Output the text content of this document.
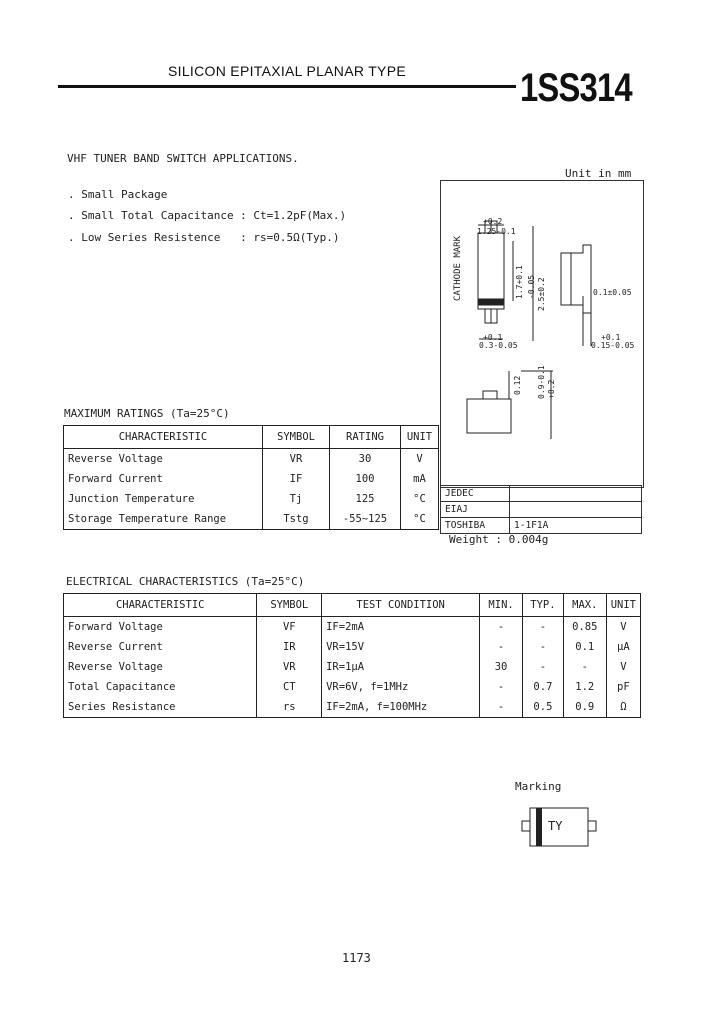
SILICON EPITAXIAL PLANAR TYPE	1SS314
VHF TUNER BAND SWITCH APPLICATIONS.
. Small Package
. Small Total Capacitance : Ct=1.2pF(Max.)
. Low Series Resistence   : rs=0.5Ω(Typ.)
Unit in mm
CATHODE MARK
+0.2
1.25-0.1
1.7+0.1 -0.05 2.5±0.2	0.1±0.05
+0.1
0.3-0.05
+0.1
0.15-0.05
0.9-0.1 +0.2
0.12
JEDEC	
EIAJ	
TOSHIBA	1-1F1A
Weight : 0.004g
MAXIMUM RATINGS (Ta=25°C)
CHARACTERISTIC	SYMBOL	RATING	UNIT
Reverse Voltage	VR	30	V
Forward Current	IF	100	mA
Junction Temperature	Tj	125	°C
Storage Temperature Range	Tstg	-55~125	°C
ELECTRICAL CHARACTERISTICS (Ta=25°C)
CHARACTERISTIC	SYMBOL	TEST CONDITION	MIN.	TYP.	MAX.	UNIT
Forward Voltage	VF	IF=2mA	-	-	0.85	V
Reverse Current	IR	VR=15V	-	-	0.1	μA
Reverse Voltage	VR	IR=1μA	30	-	-	V
Total Capacitance	CT	VR=6V, f=1MHz	-	0.7	1.2	pF
Series Resistance	rs	IF=2mA, f=100MHz	-	0.5	0.9	Ω
Marking
TY
1173
